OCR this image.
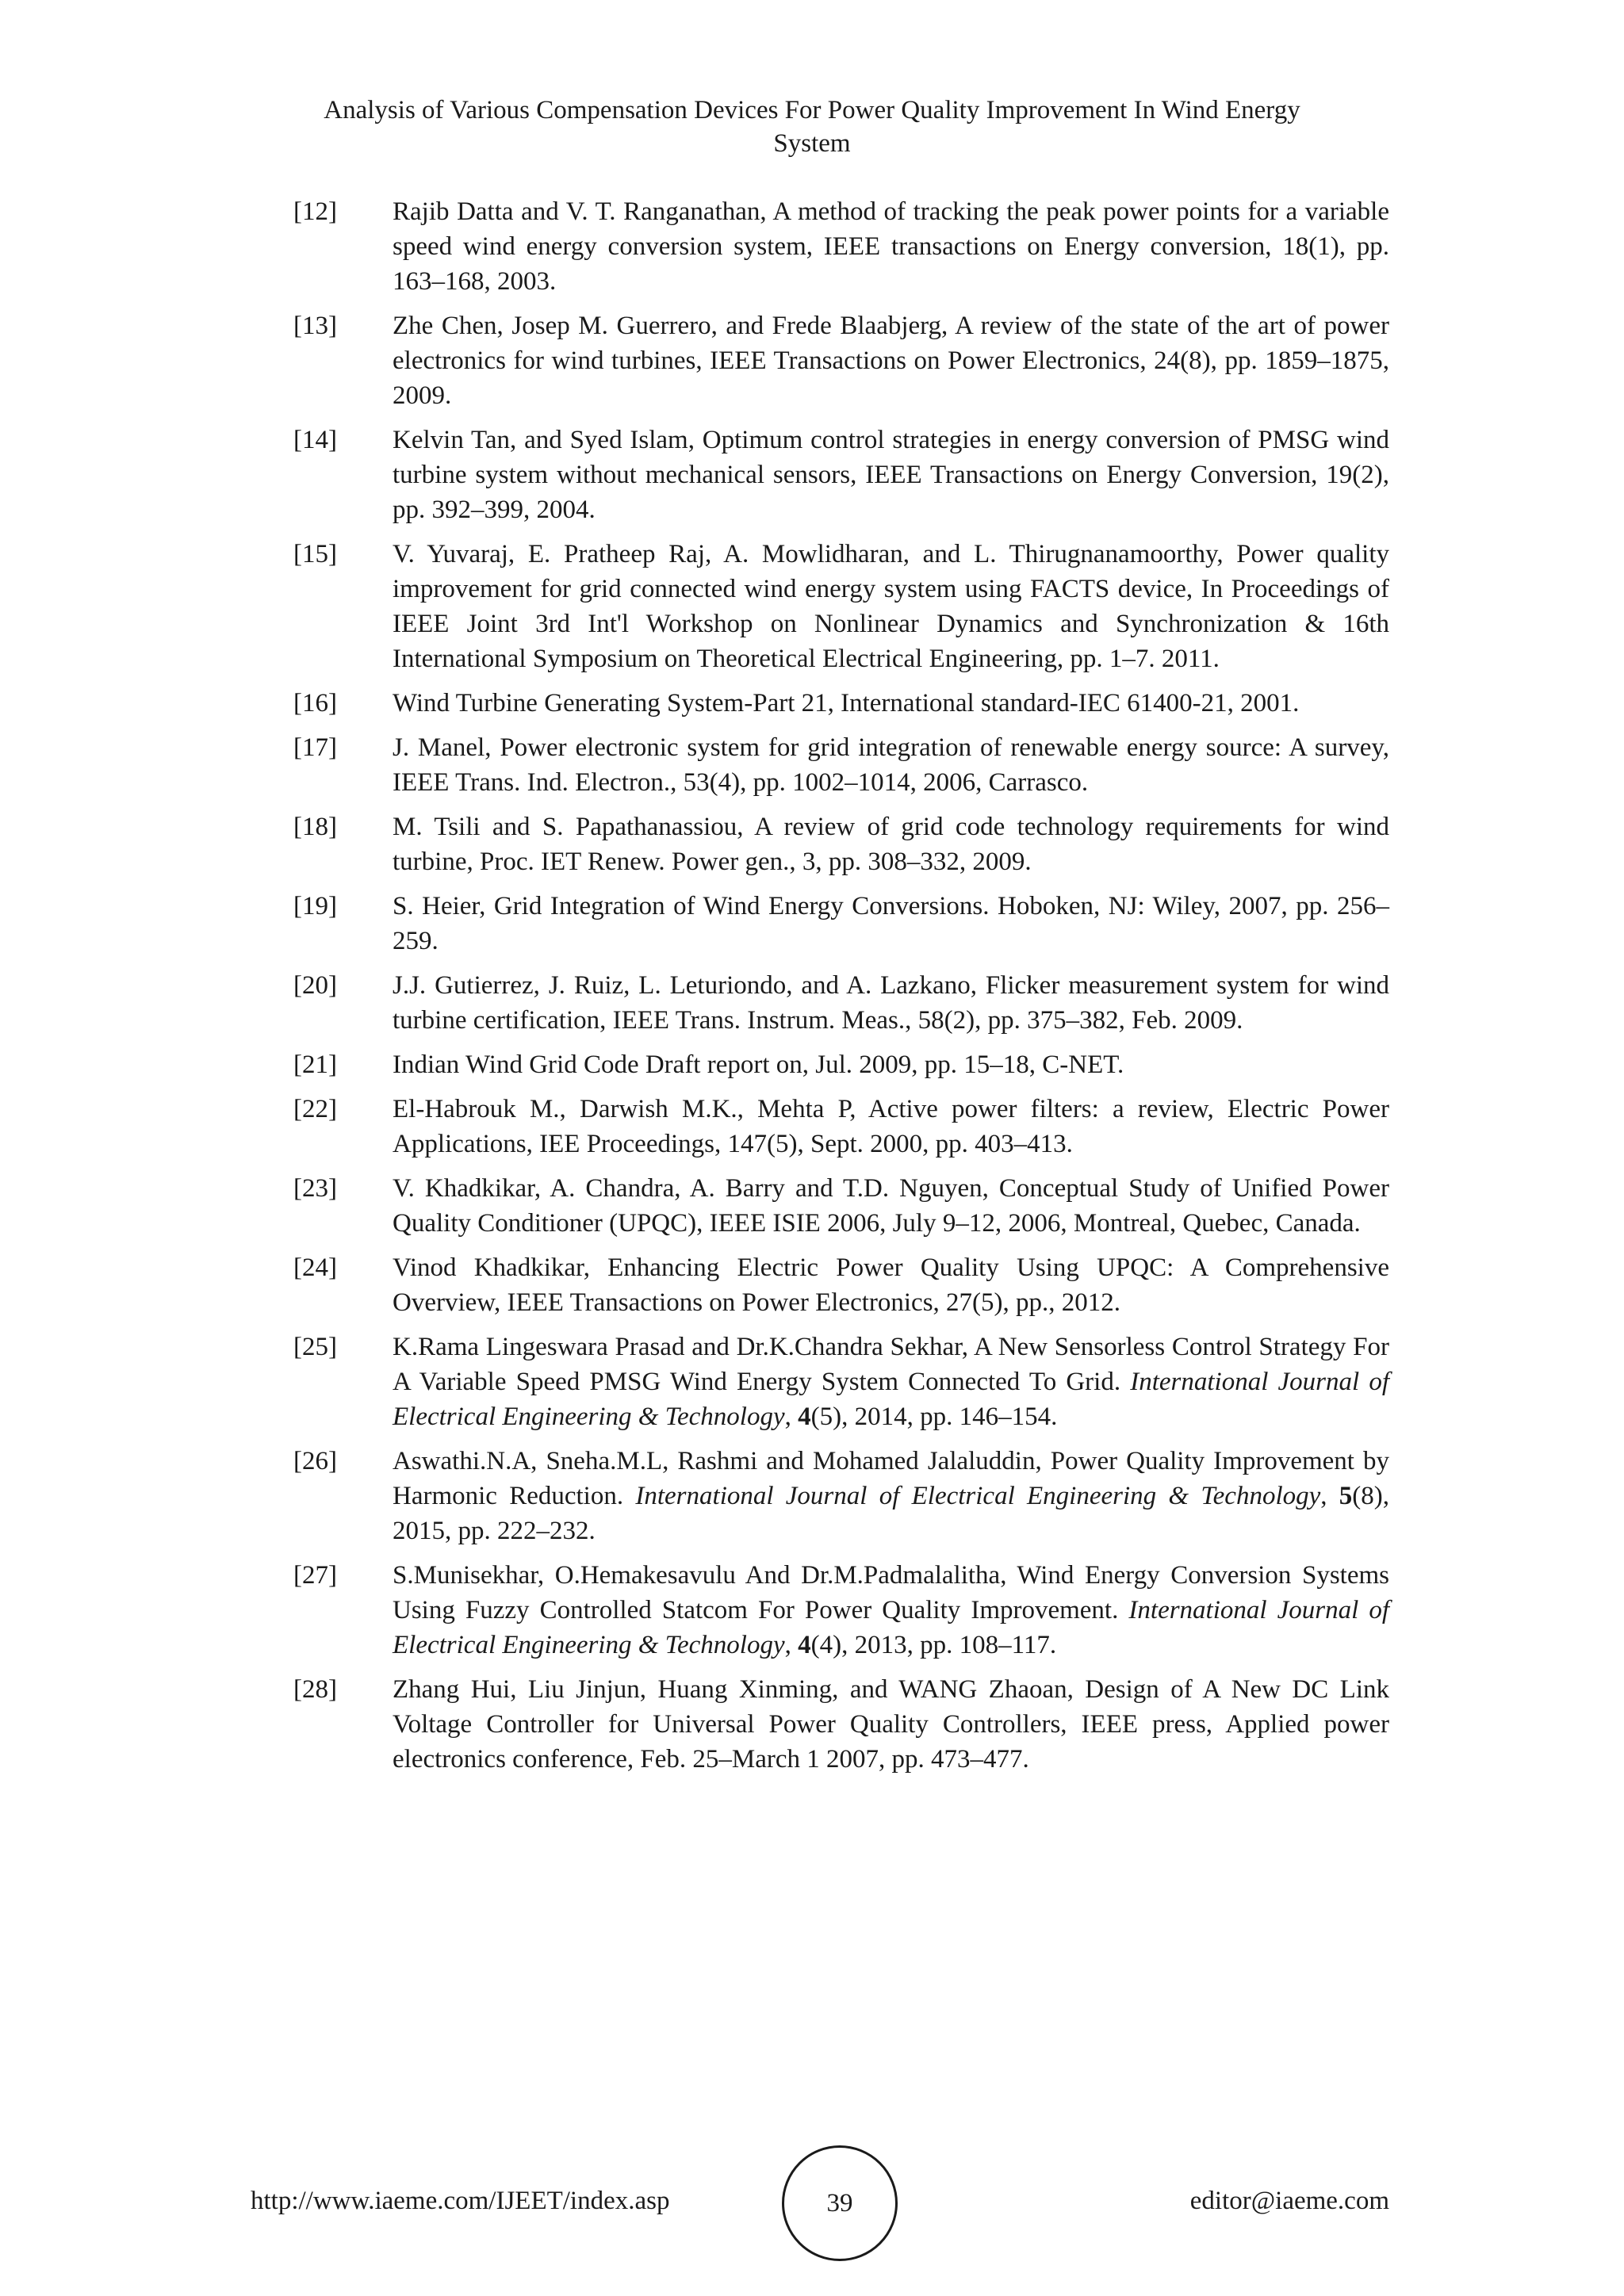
Analysis of Various Compensation Devices For Power Quality Improvement In Wind Energy
System
[12]	Rajib Datta and V. T. Ranganathan, A method of tracking the peak power points for a variable speed wind energy conversion system, IEEE transactions on Energy conversion, 18(1), pp. 163–168, 2003.
[13]	Zhe Chen, Josep M. Guerrero, and Frede Blaabjerg, A review of the state of the art of power electronics for wind turbines, IEEE Transactions on Power Electronics, 24(8), pp. 1859–1875, 2009.
[14]	Kelvin Tan, and Syed Islam, Optimum control strategies in energy conversion of PMSG wind turbine system without mechanical sensors, IEEE Transactions on Energy Conversion, 19(2), pp. 392–399, 2004.
[15]	V. Yuvaraj, E. Pratheep Raj, A. Mowlidharan, and L. Thirugnanamoorthy, Power quality improvement for grid connected wind energy system using FACTS device, In Proceedings of IEEE Joint 3rd Int'l Workshop on Nonlinear Dynamics and Synchronization & 16th International Symposium on Theoretical Electrical Engineering, pp. 1–7. 2011.
[16]	Wind Turbine Generating System-Part 21, International standard-IEC 61400-21, 2001.
[17]	J. Manel, Power electronic system for grid integration of renewable energy source: A survey, IEEE Trans. Ind. Electron., 53(4), pp. 1002–1014, 2006, Carrasco.
[18]	M. Tsili and S. Papathanassiou, A review of grid code technology requirements for wind turbine, Proc. IET Renew. Power gen., 3, pp. 308–332, 2009.
[19]	S. Heier, Grid Integration of Wind Energy Conversions. Hoboken, NJ: Wiley, 2007, pp. 256–259.
[20]	J.J. Gutierrez, J. Ruiz, L. Leturiondo, and A. Lazkano, Flicker measurement system for wind turbine certification, IEEE Trans. Instrum. Meas., 58(2), pp. 375–382, Feb. 2009.
[21]	Indian Wind Grid Code Draft report on, Jul. 2009, pp. 15–18, C-NET.
[22]	El-Habrouk M., Darwish M.K., Mehta P, Active power filters: a review, Electric Power Applications, IEE Proceedings, 147(5), Sept. 2000, pp. 403–413.
[23]	V. Khadkikar, A. Chandra, A. Barry and T.D. Nguyen, Conceptual Study of Unified Power Quality Conditioner (UPQC), IEEE ISIE 2006, July 9–12, 2006, Montreal, Quebec, Canada.
[24]	Vinod Khadkikar, Enhancing Electric Power Quality Using UPQC: A Comprehensive Overview, IEEE Transactions on Power Electronics, 27(5), pp., 2012.
[25]	K.Rama Lingeswara Prasad and Dr.K.Chandra Sekhar, A New Sensorless Control Strategy For A Variable Speed PMSG Wind Energy System Connected To Grid. International Journal of Electrical Engineering & Technology, 4(5), 2014, pp. 146–154.
[26]	Aswathi.N.A, Sneha.M.L, Rashmi and Mohamed Jalaluddin, Power Quality Improvement by Harmonic Reduction. International Journal of Electrical Engineering & Technology, 5(8), 2015, pp. 222–232.
[27]	S.Munisekhar, O.Hemakesavulu And Dr.M.Padmalalitha, Wind Energy Conversion Systems Using Fuzzy Controlled Statcom For Power Quality Improvement. International Journal of Electrical Engineering & Technology, 4(4), 2013, pp. 108–117.
[28]	Zhang Hui, Liu Jinjun, Huang Xinming, and WANG Zhaoan, Design of A New DC Link Voltage Controller for Universal Power Quality Controllers, IEEE press, Applied power electronics conference, Feb. 25–March 1 2007, pp. 473–477.
http://www.iaeme.com/IJEET/index.asp	39	editor@iaeme.com
